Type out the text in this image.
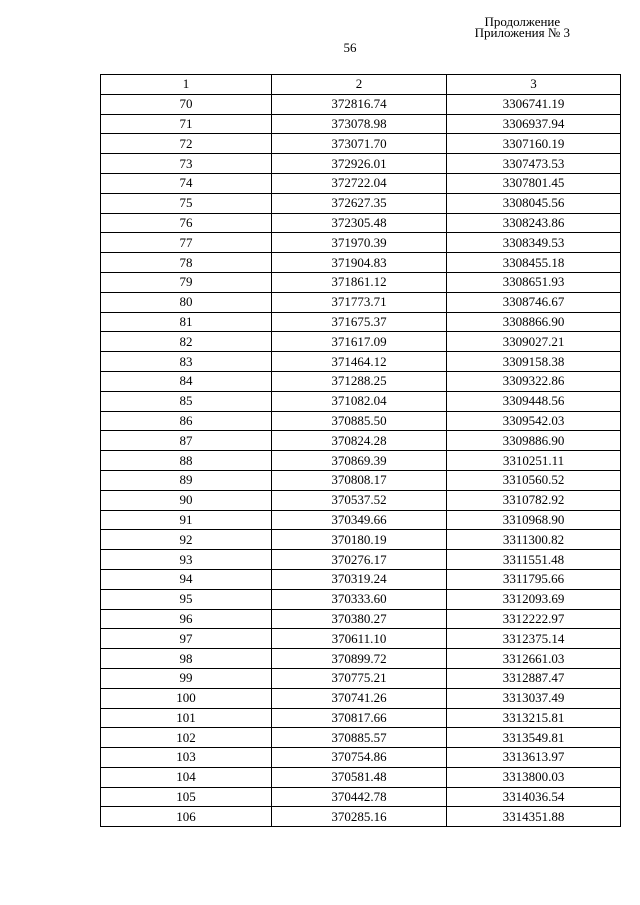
Продолжение
Приложения № 3
56
1	2	3
70	372816.74	3306741.19
71	373078.98	3306937.94
72	373071.70	3307160.19
73	372926.01	3307473.53
74	372722.04	3307801.45
75	372627.35	3308045.56
76	372305.48	3308243.86
77	371970.39	3308349.53
78	371904.83	3308455.18
79	371861.12	3308651.93
80	371773.71	3308746.67
81	371675.37	3308866.90
82	371617.09	3309027.21
83	371464.12	3309158.38
84	371288.25	3309322.86
85	371082.04	3309448.56
86	370885.50	3309542.03
87	370824.28	3309886.90
88	370869.39	3310251.11
89	370808.17	3310560.52
90	370537.52	3310782.92
91	370349.66	3310968.90
92	370180.19	3311300.82
93	370276.17	3311551.48
94	370319.24	3311795.66
95	370333.60	3312093.69
96	370380.27	3312222.97
97	370611.10	3312375.14
98	370899.72	3312661.03
99	370775.21	3312887.47
100	370741.26	3313037.49
101	370817.66	3313215.81
102	370885.57	3313549.81
103	370754.86	3313613.97
104	370581.48	3313800.03
105	370442.78	3314036.54
106	370285.16	3314351.88
